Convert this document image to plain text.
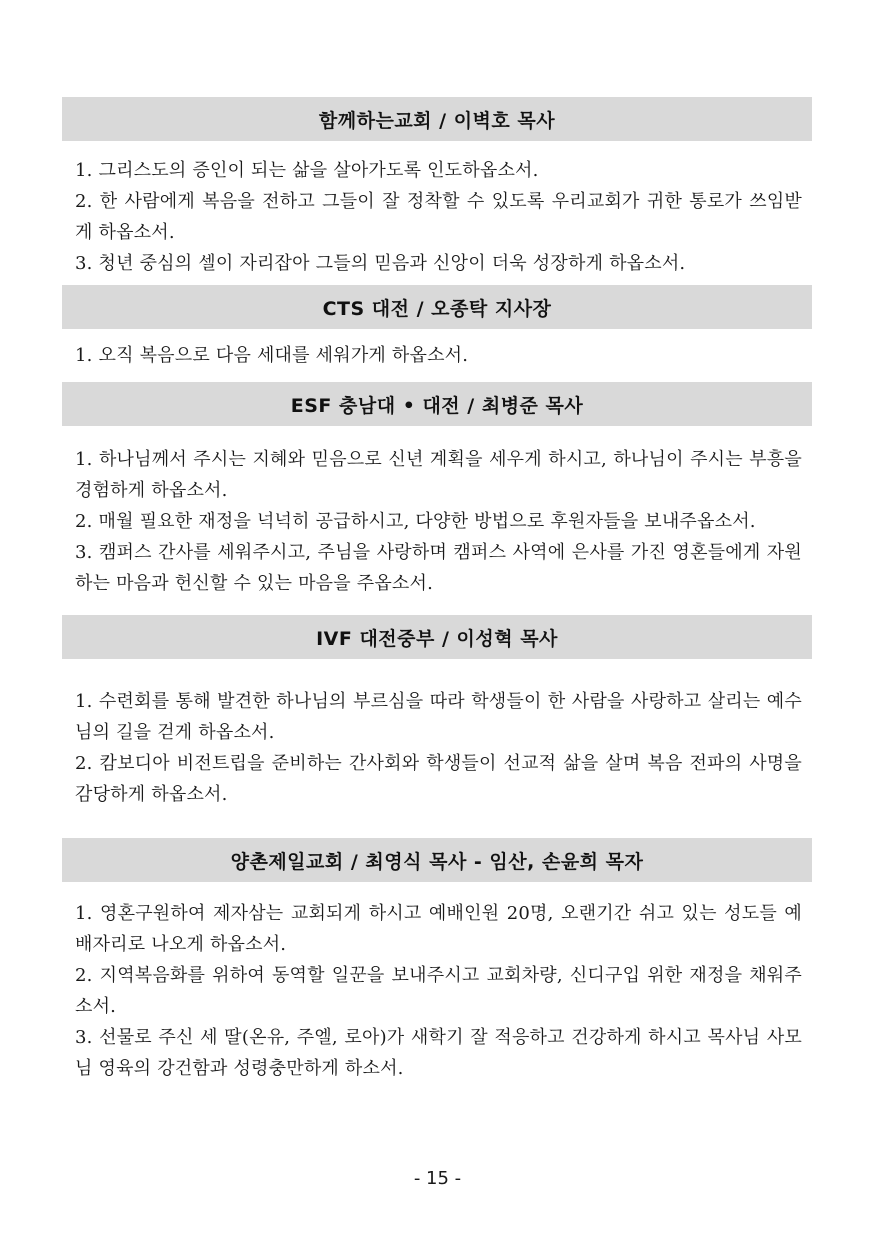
함께하는교회 / 이벽호 목사

1. 그리스도의 증인이 되는 삶을 살아가도록 인도하옵소서.

2. 한 사람에게 복음을 전하고 그들이 잘 정착할 수 있도록 우리교회가 귀한 통로가 쓰임받게 하옵소서.

3. 청년 중심의 셀이 자리잡아 그들의 믿음과 신앙이 더욱 성장하게 하옵소서.

CTS 대전 / 오종탁 지사장

1. 오직 복음으로 다음 세대를 세워가게 하옵소서.

ESF 충남대 • 대전 / 최병준 목사

1. 하나님께서 주시는 지혜와 믿음으로 신년 계획을 세우게 하시고, 하나님이 주시는 부흥을 경험하게 하옵소서.

2. 매월 필요한 재정을 넉넉히 공급하시고, 다양한 방법으로 후원자들을 보내주옵소서.

3. 캠퍼스 간사를 세워주시고, 주님을 사랑하며 캠퍼스 사역에 은사를 가진 영혼들에게 자원하는 마음과 헌신할 수 있는 마음을 주옵소서.

IVF 대전중부 / 이성혁 목사

1. 수련회를 통해 발견한 하나님의 부르심을 따라 학생들이 한 사람을 사랑하고 살리는 예수님의 길을 걷게 하옵소서.

2. 캄보디아 비전트립을 준비하는 간사회와 학생들이 선교적 삶을 살며 복음 전파의 사명을 감당하게 하옵소서.

양촌제일교회 / 최영식 목사 - 임산, 손윤희 목자

1. 영혼구원하여 제자삼는 교회되게 하시고 예배인원 20명, 오랜기간 쉬고 있는 성도들 예배자리로 나오게 하옵소서.

2. 지역복음화를 위하여 동역할 일꾼을 보내주시고 교회차량, 신디구입 위한 재정을 채워주소서.

3. 선물로 주신 세 딸(온유, 주엘, 로아)가 새학기 잘 적응하고 건강하게 하시고 목사님 사모님 영육의 강건함과 성령충만하게 하소서.

- 15 -
